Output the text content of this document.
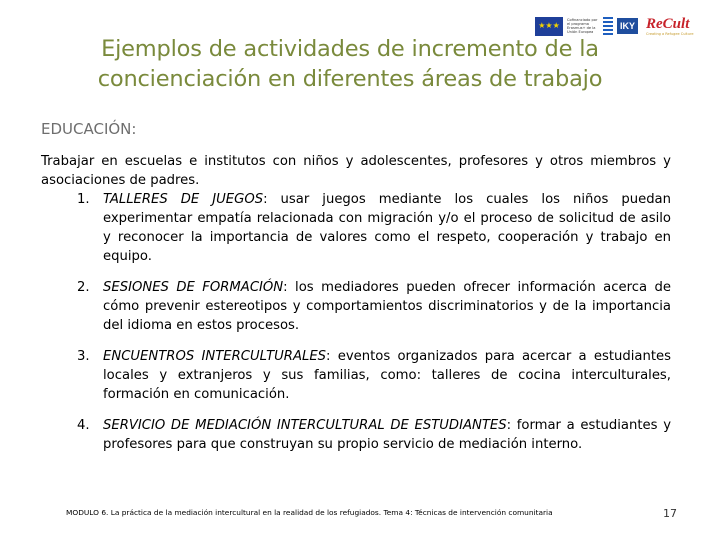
★★★
Cofinanciado por el programa Erasmus+ de la Unión Europea
IKY ReCult
Creating a Refugee Culture
Ejemplos de actividades de incremento de la concienciación en diferentes áreas de trabajo
EDUCACIÓN:

Trabajar en escuelas e institutos con niños y adolescentes, profesores y otros miembros y asociaciones de padres.

1. TALLERES DE JUEGOS: usar juegos mediante los cuales los niños puedan experimentar empatía relacionada con migración y/o el proceso de solicitud de asilo y reconocer la importancia de valores como el respeto, cooperación y trabajo en equipo.
2. SESIONES DE FORMACIÓN: los mediadores pueden ofrecer información acerca de cómo prevenir estereotipos y comportamientos discriminatorios y de la importancia del idioma en estos procesos.
3. ENCUENTROS INTERCULTURALES: eventos organizados para acercar a estudiantes locales y extranjeros y sus familias, como: talleres de cocina interculturales, formación en comunicación.
4. SERVICIO DE MEDIACIÓN INTERCULTURAL DE ESTUDIANTES: formar a estudiantes y profesores para que construyan su propio servicio de mediación interno.
MODULO 6. La práctica de la mediación intercultural en la realidad de los refugiados. Tema 4: Técnicas de intervención comunitaria	17
